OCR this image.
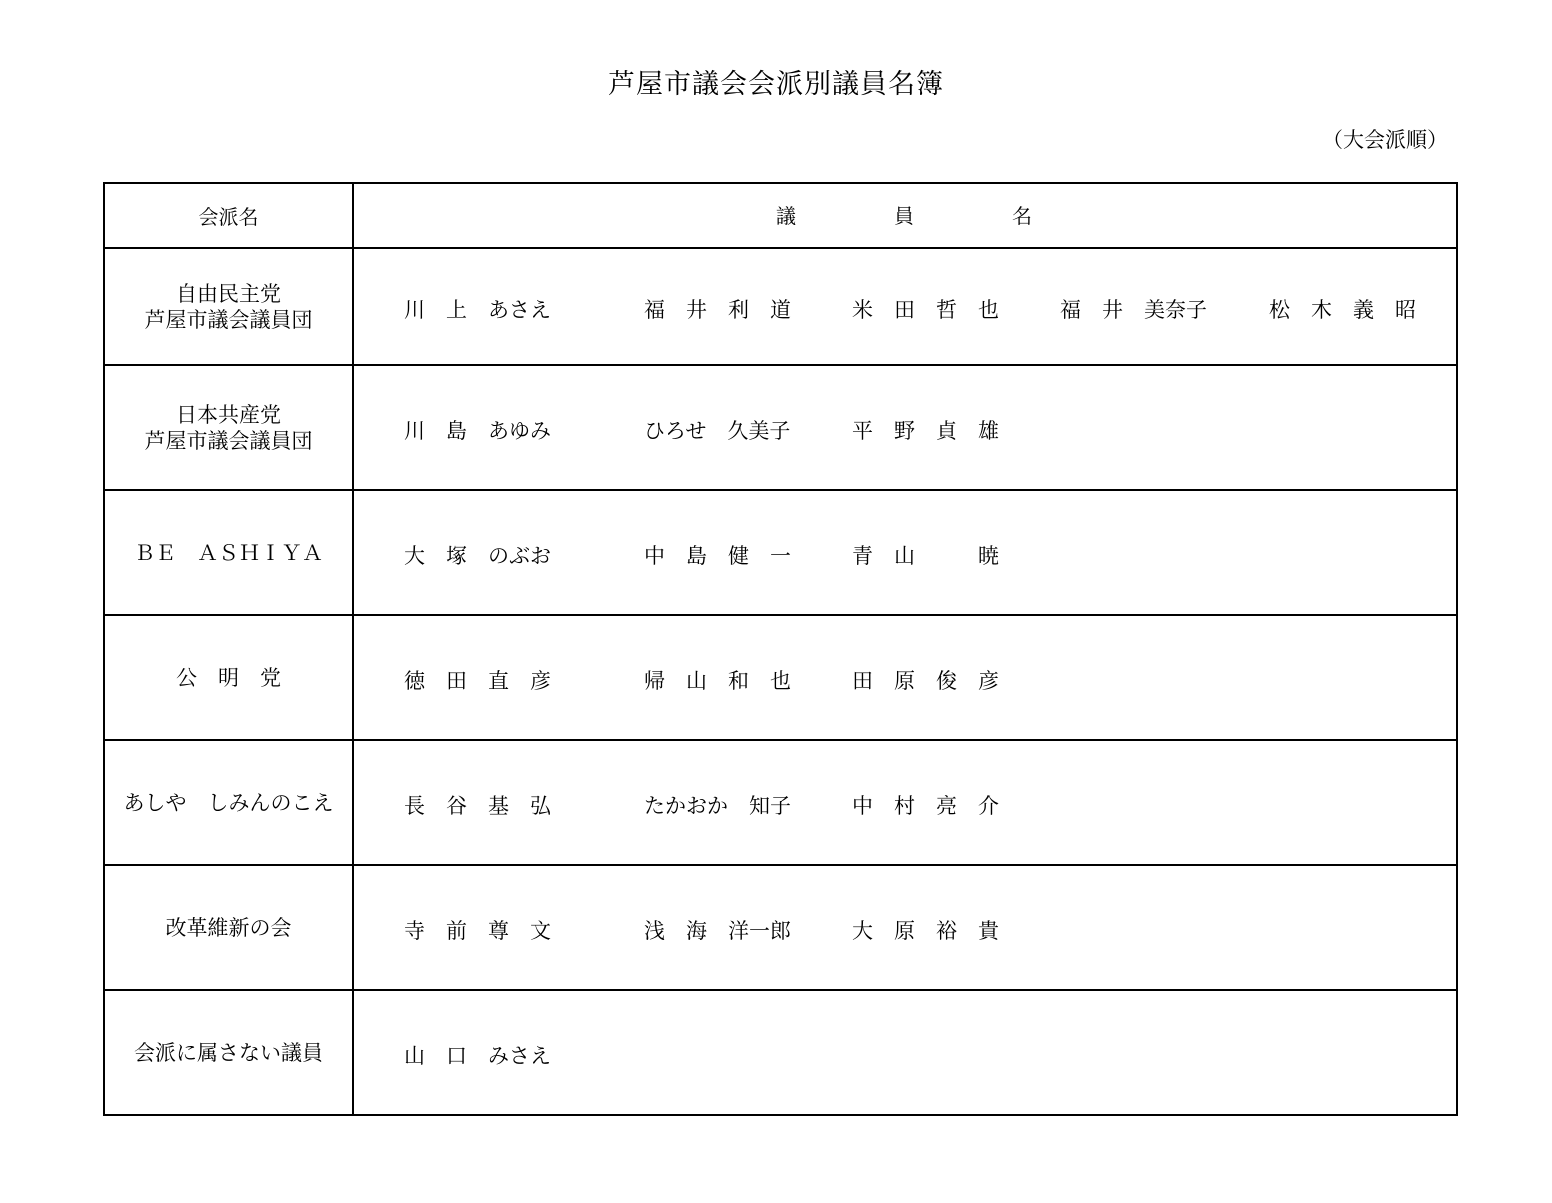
芦屋市議会会派別議員名簿
（大会派順）
会派名	議 員 名

自由民主党
芦屋市議会議員団	川　上　あさえ 福　井　利　道 米　田　哲　也 福　井　美奈子 松　木　義　昭

日本共産党
芦屋市議会議員団	川　島　あゆみ ひろせ　久美子 平　野　貞　雄

ＢＥ　ＡＳＨＩＹＡ	大　塚　のぶお 中　島　健　一 青　山　　　暁

公　明　党	徳　田　直　彦 帰　山　和　也 田　原　俊　彦

あしや　しみんのこえ	長　谷　基　弘 たかおか　知子 中　村　亮　介

改革維新の会	寺　前　尊　文 浅　海　洋一郎 大　原　裕　貴

会派に属さない議員	山　口　みさえ
